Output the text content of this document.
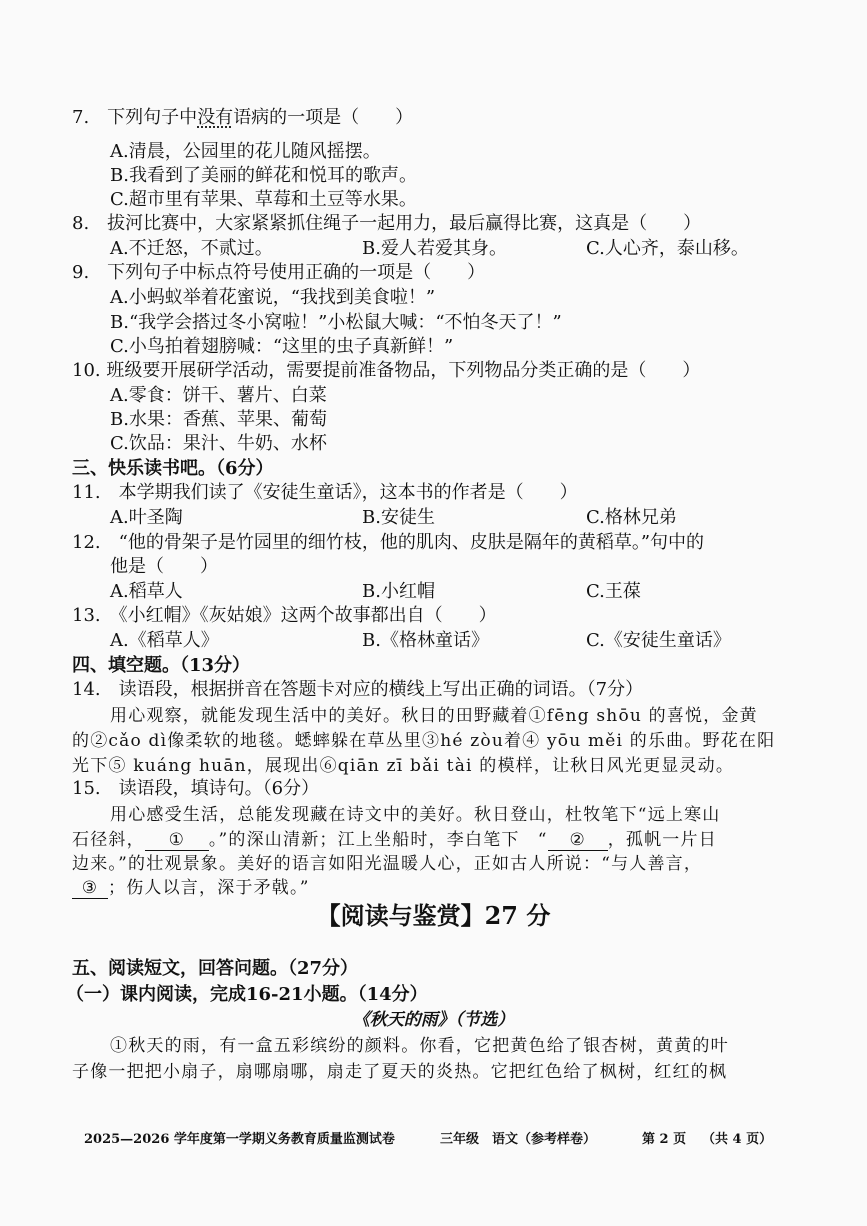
7.　下列句子中没有语病的一项是（　　）
A.清晨，公园里的花儿随风摇摆。
B.我看到了美丽的鲜花和悦耳的歌声。
C.超市里有苹果、草莓和土豆等水果。
8.　拔河比赛中，大家紧紧抓住绳子一起用力，最后赢得比赛，这真是（　　）
A.不迁怒，不贰过。	B.爱人若爱其身。	C.人心齐，泰山移。
9.　下列句子中标点符号使用正确的一项是（　　）
A.小蚂蚁举着花蜜说，“我找到美食啦！”
B.“我学会搭过冬小窝啦！”小松鼠大喊：“不怕冬天了！”
C.小鸟拍着翅膀喊：“这里的虫子真新鲜！”
10. 班级要开展研学活动，需要提前准备物品，下列物品分类正确的是（　　）
A.零食：饼干、薯片、白菜
B.水果：香蕉、苹果、葡萄
C.饮品：果汁、牛奶、水杯
三、快乐读书吧。（6分）
11.　本学期我们读了《安徒生童话》，这本书的作者是（　　）
A.叶圣陶	B.安徒生	C.格林兄弟
12.　“他的骨架子是竹园里的细竹枝，他的肌肉、皮肤是隔年的黄稻草。”句中的
他是（　　）
A.稻草人	B.小红帽	C.王葆
13.　《小红帽》《灰姑娘》这两个故事都出自（　　）
A.《稻草人》	B.《格林童话》	C.《安徒生童话》
四、填空题。（13分）
14.　读语段，根据拼音在答题卡对应的横线上写出正确的词语。（7分）
用心观察，就能发现生活中的美好。秋日的田野藏着①fēng shōu 的喜悦，金黄
的②cǎo dì像柔软的地毯。蟋蟀躲在草丛里③hé zòu着④ yōu měi 的乐曲。野花在阳
光下⑤ kuáng huān，展现出⑥qiān zī bǎi tài 的模样，让秋日风光更显灵动。
15.　读语段，填诗句。（6分）
用心感受生活，总能发现藏在诗文中的美好。秋日登山，杜牧笔下“远上寒山
石径斜， ① 。”的深山清新；江上坐船时，李白笔下　“ ② ，孤帆一片日
边来。”的壮观景象。美好的语言如阳光温暖人心，正如古人所说：“与人善言，
③ ；伤人以言，深于矛戟。”
【阅读与鉴赏】27 分
五、阅读短文，回答问题。（27分）
（一）课内阅读，完成16-21小题。（14分）
《秋天的雨》（节选）
①秋天的雨，有一盒五彩缤纷的颜料。你看，它把黄色给了银杏树，黄黄的叶
子像一把把小扇子，扇哪扇哪，扇走了夏天的炎热。它把红色给了枫树，红红的枫
2025—2026 学年度第一学期义务教育质量监测试卷	三年级　语文（参考样卷）	第 2 页 （共 4 页）
